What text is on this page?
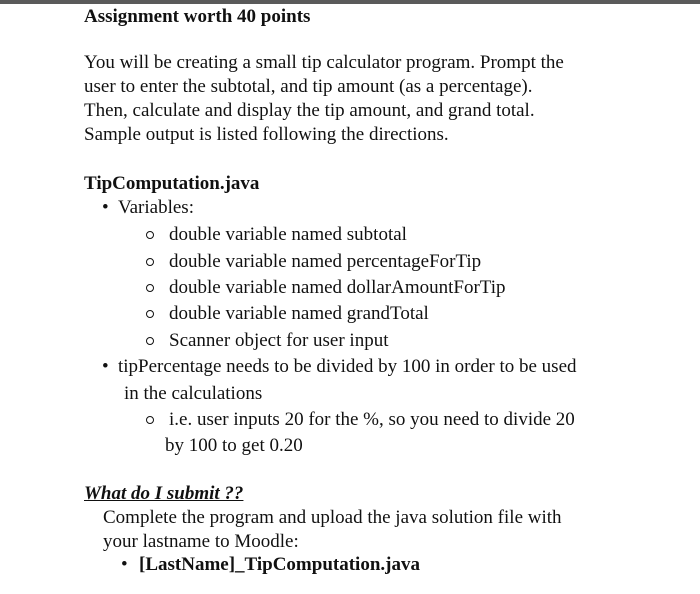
Assignment worth 40 points
You will be creating a small tip calculator program. Prompt the
user to enter the subtotal, and tip amount (as a percentage).
Then, calculate and display the tip amount, and grand total.
Sample output is listed following the directions.
TipComputation.java
• Variables:
double variable named subtotal
double variable named percentageForTip
double variable named dollarAmountForTip
double variable named grandTotal
Scanner object for user input
• tipPercentage needs to be divided by 100 in order to be used
in the calculations
i.e. user inputs 20 for the %, so you need to divide 20
by 100 to get 0.20
What do I submit ??
Complete the program and upload the java solution file with
your lastname to Moodle:
• [LastName]_TipComputation.java
